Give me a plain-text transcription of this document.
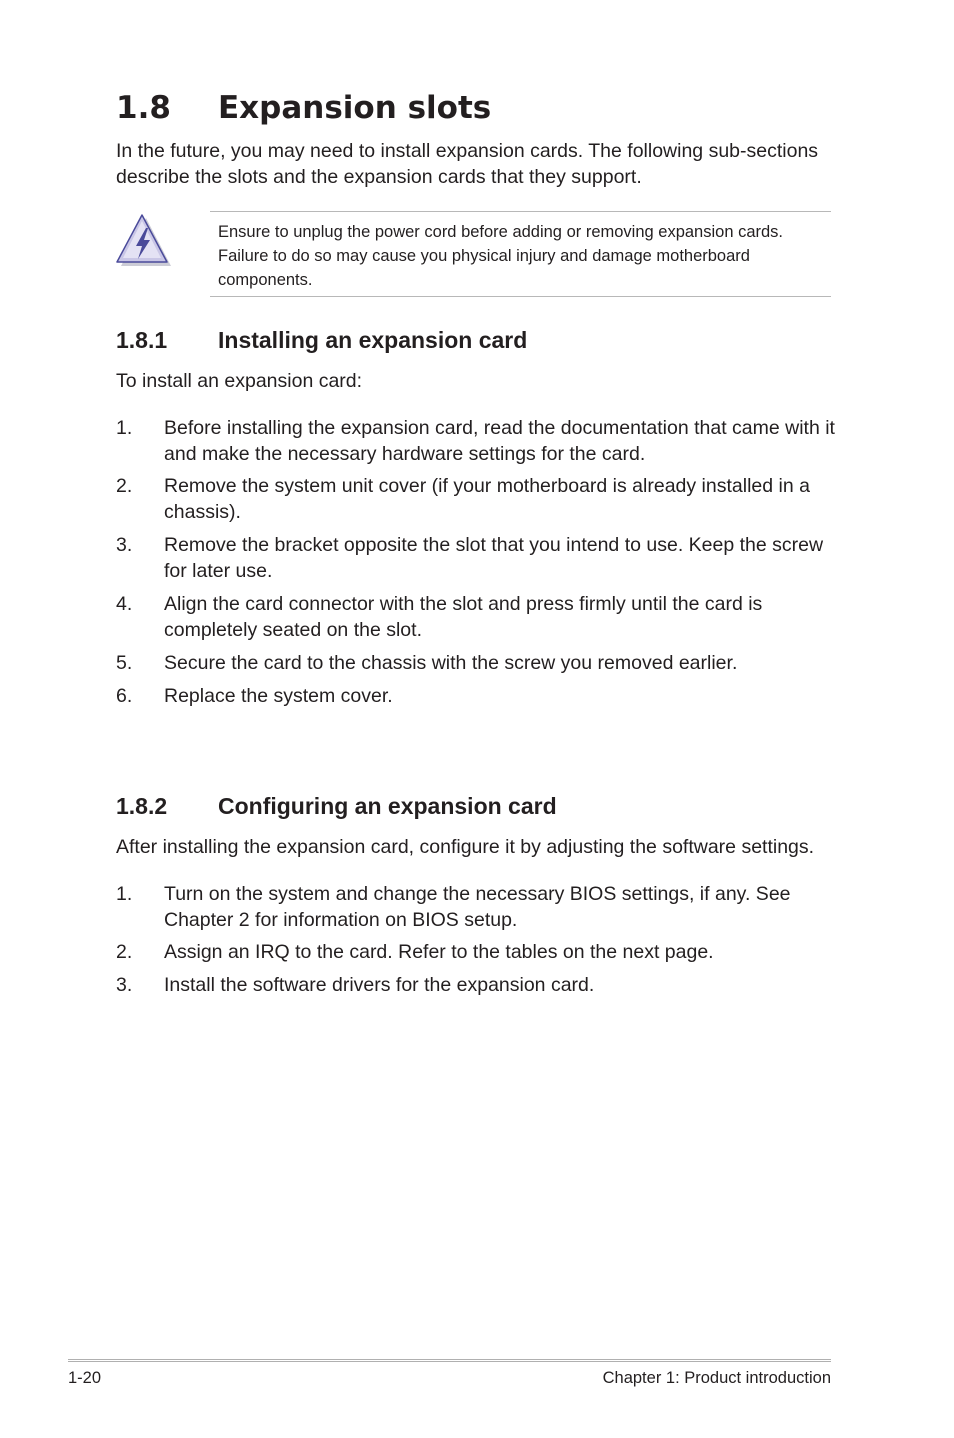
1.8 Expansion slots
In the future, you may need to install expansion cards. The following sub-sections describe the slots and the expansion cards that they support.
Ensure to unplug the power cord before adding or removing expansion cards. Failure to do so may cause you physical injury and damage motherboard components.
1.8.1 Installing an expansion card
To install an expansion card:
1. Before installing the expansion card, read the documentation that came with it and make the necessary hardware settings for the card.
2. Remove the system unit cover (if your motherboard is already installed in a chassis).
3. Remove the bracket opposite the slot that you intend to use. Keep the screw for later use.
4. Align the card connector with the slot and press firmly until the card is completely seated on the slot.
5. Secure the card to the chassis with the screw you removed earlier.
6. Replace the system cover.
1.8.2 Configuring an expansion card
After installing the expansion card, configure it by adjusting the software settings.
1. Turn on the system and change the necessary BIOS settings, if any. See Chapter 2 for information on BIOS setup.
2. Assign an IRQ to the card. Refer to the tables on the next page.
3. Install the software drivers for the expansion card.
1-20	Chapter 1: Product introduction
